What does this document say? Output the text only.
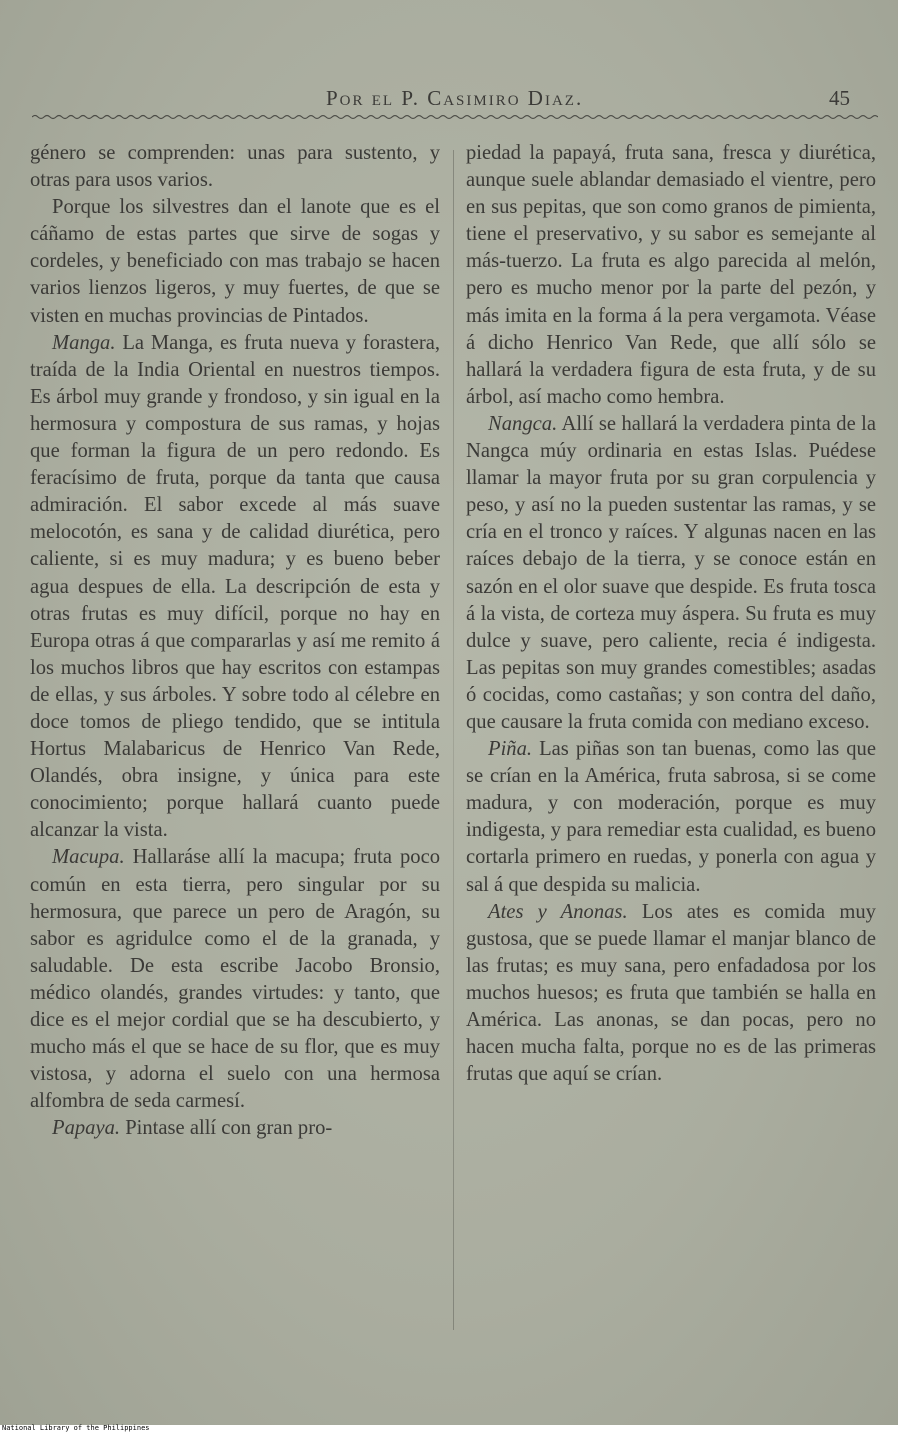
Por el P. Casimiro Diaz.	45

género se comprenden: unas para sustento, y otras para usos varios.

Porque los silvestres dan el lanote que es el cáñamo de estas partes que sirve de sogas y cordeles, y beneficiado con mas trabajo se hacen varios lienzos ligeros, y muy fuertes, de que se visten en muchas provincias de Pintados.

Manga. La Manga, es fruta nueva y forastera, traída de la India Oriental en nuestros tiempos. Es árbol muy grande y frondoso, y sin igual en la hermosura y compostura de sus ramas, y hojas que forman la figura de un pero redondo. Es feracísimo de fruta, porque da tanta que causa admiración. El sabor excede al más suave melocotón, es sana y de calidad diurética, pero caliente, si es muy madura; y es bueno beber agua despues de ella. La descripción de esta y otras frutas es muy difícil, porque no hay en Europa otras á que compararlas y así me remito á los muchos libros que hay escritos con estampas de ellas, y sus árboles. Y sobre todo al célebre en doce tomos de pliego tendido, que se intitula Hortus Malabaricus de Henrico Van Rede, Olandés, obra insigne, y única para este conocimiento; porque hallará cuanto puede alcanzar la vista.

Macupa. Hallaráse allí la macupa; fruta poco común en esta tierra, pero singular por su hermosura, que parece un pero de Aragón, su sabor es agridulce como el de la granada, y saludable. De esta escribe Jacobo Bronsio, médico olandés, grandes virtudes: y tanto, que dice es el mejor cordial que se ha descubierto, y mucho más el que se hace de su flor, que es muy vistosa, y adorna el suelo con una hermosa alfombra de seda carmesí.

Papaya. Pintase allí con gran pro-

piedad la papayá, fruta sana, fresca y diurética, aunque suele ablandar demasiado el vientre, pero en sus pepitas, que son como granos de pimienta, tiene el preservativo, y su sabor es semejante al más-tuerzo. La fruta es algo parecida al melón, pero es mucho menor por la parte del pezón, y más imita en la forma á la pera vergamota. Véase á dicho Henrico Van Rede, que allí sólo se hallará la verdadera figura de esta fruta, y de su árbol, así macho como hembra.

Nangca. Allí se hallará la verdadera pinta de la Nangca múy ordinaria en estas Islas. Puédese llamar la mayor fruta por su gran corpulencia y peso, y así no la pueden sustentar las ramas, y se cría en el tronco y raíces. Y algunas nacen en las raíces debajo de la tierra, y se conoce están en sazón en el olor suave que despide. Es fruta tosca á la vista, de corteza muy áspera. Su fruta es muy dulce y suave, pero caliente, recia é indigesta. Las pepitas son muy grandes comestibles; asadas ó cocidas, como castañas; y son contra del daño, que causare la fruta comida con mediano exceso.

Piña. Las piñas son tan buenas, como las que se crían en la América, fruta sabrosa, si se come madura, y con moderación, porque es muy indigesta, y para remediar esta cualidad, es bueno cortarla primero en ruedas, y ponerla con agua y sal á que despida su malicia.

Ates y Anonas. Los ates es comida muy gustosa, que se puede llamar el manjar blanco de las frutas; es muy sana, pero enfadadosa por los muchos huesos; es fruta que también se halla en América. Las anonas, se dan pocas, pero no hacen mucha falta, porque no es de las primeras frutas que aquí se crían.

National Library of the Philippines
